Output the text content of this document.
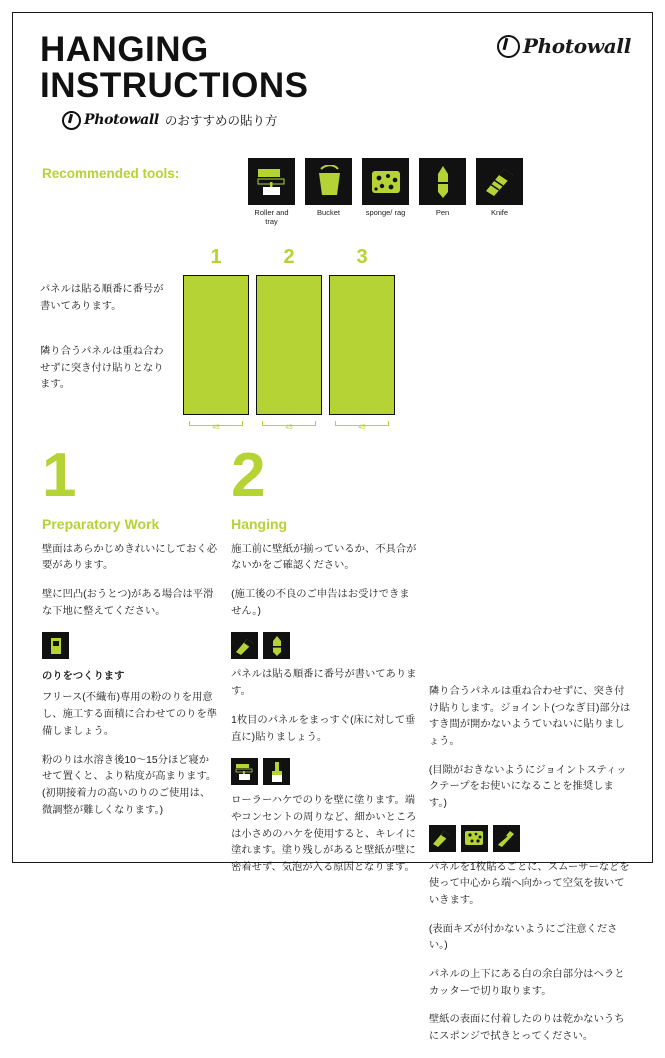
Photowall
HANGING
INSTRUCTIONS
Photowall のおすすめの貼り方
Recommended tools:
Roller and tray
Bucket	sponge/ rag	Pen	Knife
1	2	3
45	45	45
パネルは貼る順番に番号が書いてあります。
隣り合うパネルは重ね合わせずに突き付け貼りとなります。
1
Preparatory Work

壁面はあらかじめきれいにしておく必要があります。

壁に凹凸(おうとつ)がある場合は平滑な下地に整えてください。

のりをつくります

フリース(不織布)専用の粉のりを用意し、施工する面積に合わせてのりを準備しましょう。

粉のりは水溶き後10〜15分ほど寝かせて置くと、より粘度が高まります。(初期接着力の高いのりのご使用は、微調整が難しくなります。)

2
Hanging

施工前に壁紙が揃っているか、不具合がないかをご確認ください。

(施工後の不良のご申告はお受けできません。)

パネルは貼る順番に番号が書いてあります。

1枚目のパネルをまっすぐ(床に対して垂直に)貼りましょう。

ローラーハケでのりを壁に塗ります。端やコンセントの周りなど、細かいところは小さめのハケを使用すると、キレイに塗れます。塗り残しがあると壁紙が壁に密着せず、気泡が入る原因となります。

隣り合うパネルは重ね合わせずに、突き付け貼りします。ジョイント(つなぎ目)部分はすき間が開かないようていねいに貼りましょう。

(目隙がおきないようにジョイントスティックテープをお使いになることを推奨します。)

パネルを1枚貼るごとに、スムーサーなどを使って中心から端へ向かって空気を抜いていきます。

(表面キズが付かないようにご注意ください。)

パネルの上下にある白の余白部分はヘラとカッターで切り取ります。

壁紙の表面に付着したのりは乾かないうちにスポンジで拭きとってください。
